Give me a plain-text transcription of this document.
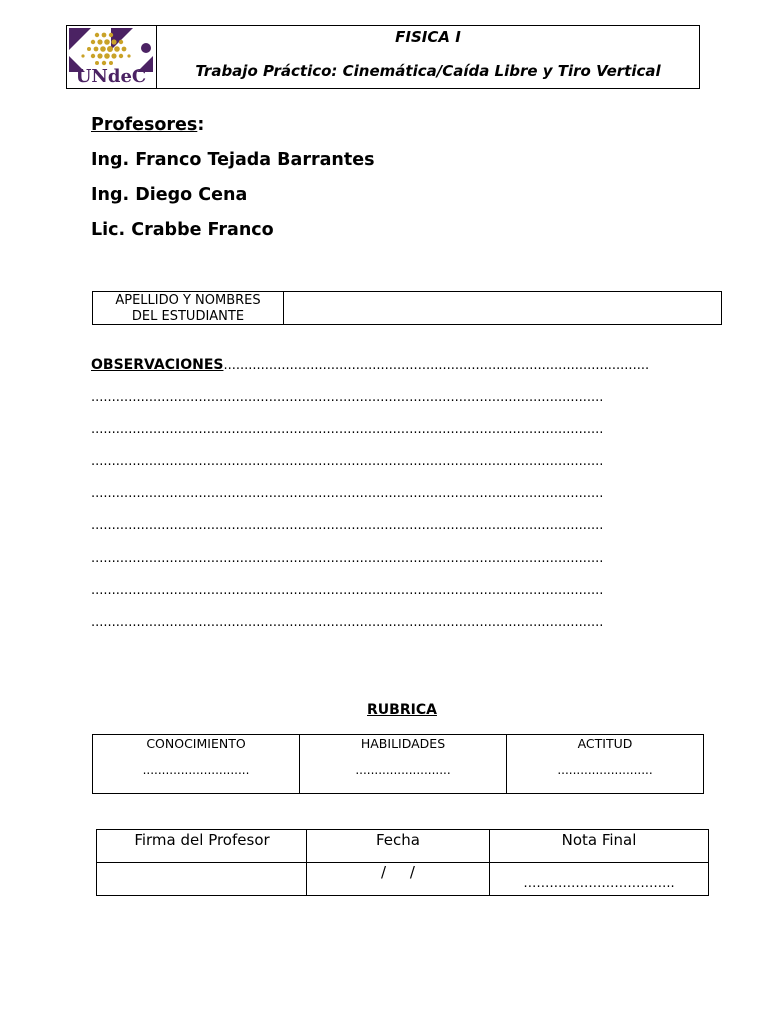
UNdeC
FISICA I
Trabajo Práctico: Cinemática/Caída Libre y Tiro Vertical
Profesores:
Ing. Franco Tejada Barrantes
Ing. Diego Cena
Lic. Crabbe Franco
APELLIDO Y NOMBRES
DEL ESTUDIANTE
OBSERVACIONES.......................................................................................................
............................................................................................................................
............................................................................................................................
............................................................................................................................
............................................................................................................................
............................................................................................................................
............................................................................................................................
............................................................................................................................
............................................................................................................................
RUBRICA
CONOCIMIENTO
............................
HABILIDADES
.........................
ACTITUD
.........................
Firma del Profesor	Fecha	Nota Final
/     /
……………………………..
